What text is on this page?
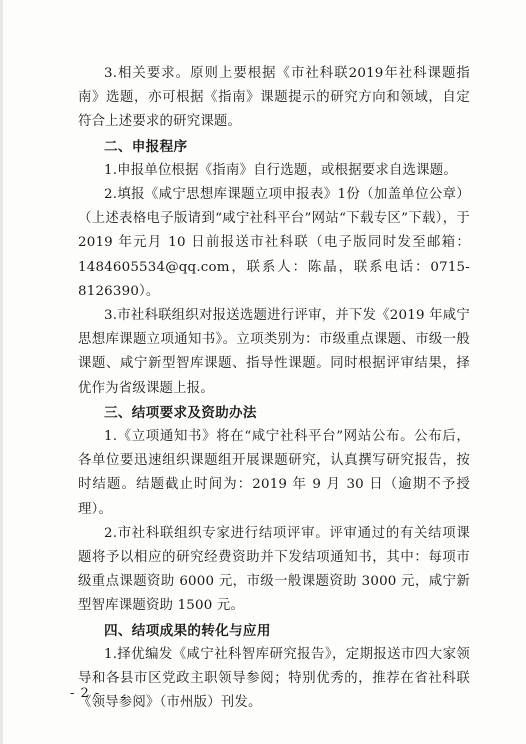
3.相关要求。原则上要根据《市社科联2019年社科课题指南》选题，亦可根据《指南》课题提示的研究方向和领域，自定符合上述要求的研究课题。

二、申报程序

1.申报单位根据《指南》自行选题，或根据要求自选课题。

2.填报《咸宁思想库课题立项申报表》1份（加盖单位公章）（上述表格电子版请到“咸宁社科平台”网站“下载专区”下载），于 2019 年元月 10 日前报送市社科联（电子版同时发至邮箱：1484605534@qq.com，联系人：陈晶，联系电话：0715-8126390）。

3.市社科联组织对报送选题进行评审，并下发《2019 年咸宁思想库课题立项通知书》。立项类别为：市级重点课题、市级一般课题、咸宁新型智库课题、指导性课题。同时根据评审结果，择优作为省级课题上报。

三、结项要求及资助办法

1.《立项通知书》将在“咸宁社科平台”网站公布。公布后，各单位要迅速组织课题组开展课题研究，认真撰写研究报告，按时结题。结题截止时间为：2019 年 9 月 30 日（逾期不予授理）。

2.市社科联组织专家进行结项评审。评审通过的有关结项课题将予以相应的研究经费资助并下发结项通知书，其中：每项市级重点课题资助 6000 元，市级一般课题资助 3000 元，咸宁新型智库课题资助 1500 元。

四、结项成果的转化与应用

1.择优编发《咸宁社科智库研究报告》，定期报送市四大家领导和各县市区党政主职领导参阅；特别优秀的，推荐在省社科联《领导参阅》（市州版）刊发。

- 2 -
